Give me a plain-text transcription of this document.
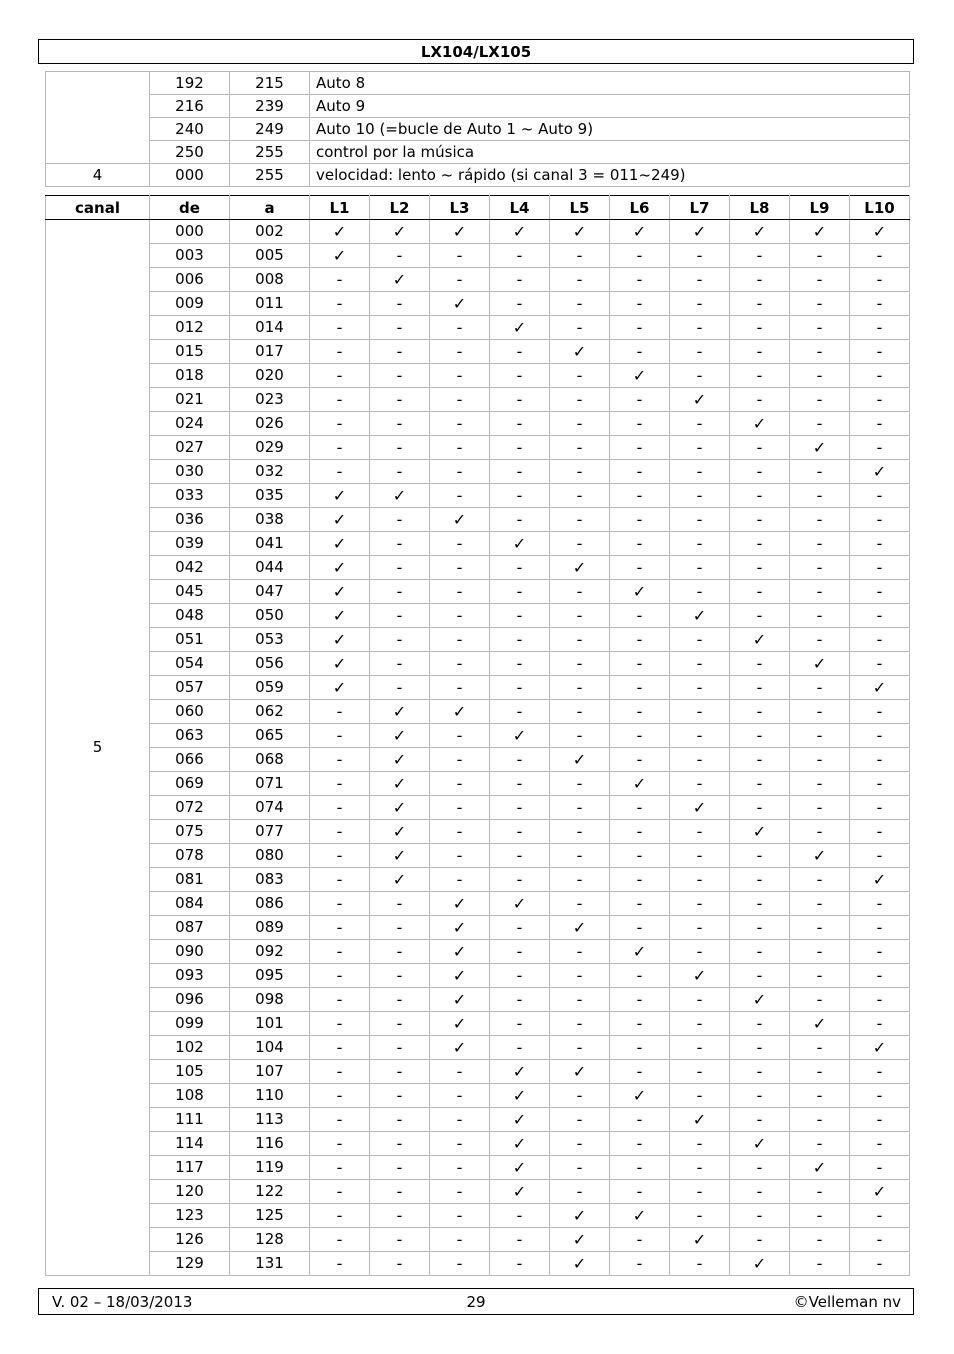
LX104/LX105
	192	215	Auto 8
	216	239	Auto 9
	240	249	Auto 10 (=bucle de Auto 1 ~ Auto 9)
	250	255	control por la música
4	000	255	velocidad: lento ~ rápido (si canal 3 = 011~249)
canal	de	a	L1	L2	L3	L4	L5	L6	L7	L8	L9	L10
5	000	002	✓	✓	✓	✓	✓	✓	✓	✓	✓	✓
	003	005	✓	-	-	-	-	-	-	-	-	-
	006	008	-	✓	-	-	-	-	-	-	-	-
	009	011	-	-	✓	-	-	-	-	-	-	-
	012	014	-	-	-	✓	-	-	-	-	-	-
	015	017	-	-	-	-	✓	-	-	-	-	-
	018	020	-	-	-	-	-	✓	-	-	-	-
	021	023	-	-	-	-	-	-	✓	-	-	-
	024	026	-	-	-	-	-	-	-	✓	-	-
	027	029	-	-	-	-	-	-	-	-	✓	-
	030	032	-	-	-	-	-	-	-	-	-	✓
	033	035	✓	✓	-	-	-	-	-	-	-	-
	036	038	✓	-	✓	-	-	-	-	-	-	-
	039	041	✓	-	-	✓	-	-	-	-	-	-
	042	044	✓	-	-	-	✓	-	-	-	-	-
	045	047	✓	-	-	-	-	✓	-	-	-	-
	048	050	✓	-	-	-	-	-	✓	-	-	-
	051	053	✓	-	-	-	-	-	-	✓	-	-
	054	056	✓	-	-	-	-	-	-	-	✓	-
	057	059	✓	-	-	-	-	-	-	-	-	✓
	060	062	-	✓	✓	-	-	-	-	-	-	-
	063	065	-	✓	-	✓	-	-	-	-	-	-
	066	068	-	✓	-	-	✓	-	-	-	-	-
	069	071	-	✓	-	-	-	✓	-	-	-	-
	072	074	-	✓	-	-	-	-	✓	-	-	-
	075	077	-	✓	-	-	-	-	-	✓	-	-
	078	080	-	✓	-	-	-	-	-	-	✓	-
	081	083	-	✓	-	-	-	-	-	-	-	✓
	084	086	-	-	✓	✓	-	-	-	-	-	-
	087	089	-	-	✓	-	✓	-	-	-	-	-
	090	092	-	-	✓	-	-	✓	-	-	-	-
	093	095	-	-	✓	-	-	-	✓	-	-	-
	096	098	-	-	✓	-	-	-	-	✓	-	-
	099	101	-	-	✓	-	-	-	-	-	✓	-
	102	104	-	-	✓	-	-	-	-	-	-	✓
	105	107	-	-	-	✓	✓	-	-	-	-	-
	108	110	-	-	-	✓	-	✓	-	-	-	-
	111	113	-	-	-	✓	-	-	✓	-	-	-
	114	116	-	-	-	✓	-	-	-	✓	-	-
	117	119	-	-	-	✓	-	-	-	-	✓	-
	120	122	-	-	-	✓	-	-	-	-	-	✓
	123	125	-	-	-	-	✓	✓	-	-	-	-
	126	128	-	-	-	-	✓	-	✓	-	-	-
	129	131	-	-	-	-	✓	-	-	✓	-	-
V. 02 – 18/03/2013	29	©Velleman nv
